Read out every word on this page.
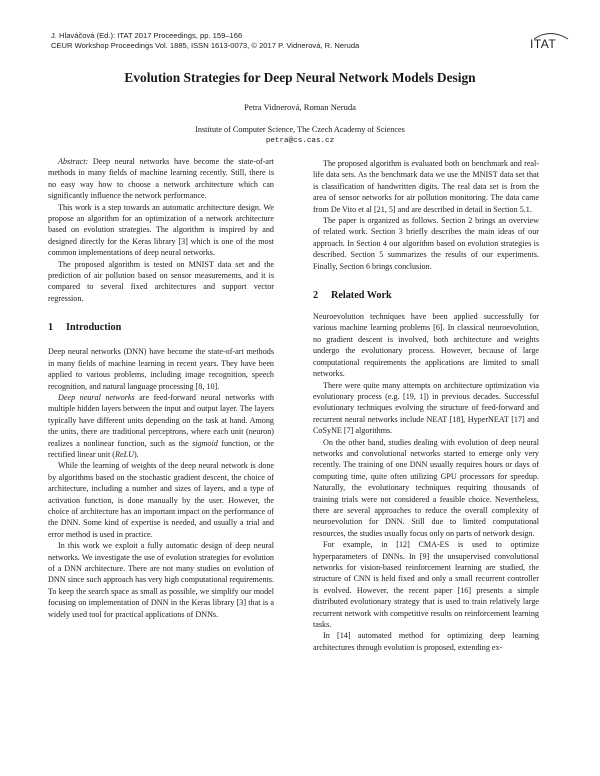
J. Hlaváčová (Ed.): ITAT 2017 Proceedings, pp. 159–166
CEUR Workshop Proceedings Vol. 1885, ISSN 1613-0073, © 2017 P. Vidnerová, R. Neruda	ITAT
Evolution Strategies for Deep Neural Network Models Design
Petra Vidnerová, Roman Neruda
Institute of Computer Science, The Czech Academy of Sciences
petra@cs.cas.cz

Abstract: Deep neural networks have become the state-of-art methods in many fields of machine learning recently. Still, there is no easy way how to choose a network architecture which can significantly influence the network performance.

This work is a step towards an automatic architecture design. We propose an algorithm for an optimization of a network architecture based on evolution strategies. The algorithm is inspired by and designed directly for the Keras library [3] which is one of the most common implementations of deep neural networks.

The proposed algorithm is tested on MNIST data set and the prediction of air pollution based on sensor measurements, and it is compared to several fixed architectures and support vector regression.

1 Introduction

Deep neural networks (DNN) have become the state-of-art methods in many fields of machine learning in recent years. They have been applied to various problems, including image recognition, speech recognition, and natural language processing [8, 10].

Deep neural networks are feed-forward neural networks with multiple hidden layers between the input and output layer. The layers typically have different units depending on the task at hand. Among the units, there are traditional perceptrons, where each unit (neuron) realizes a nonlinear function, such as the sigmoid function, or the rectified linear unit (ReLU).

While the learning of weights of the deep neural network is done by algorithms based on the stochastic gradient descent, the choice of architecture, including a number and sizes of layers, and a type of activation function, is done manually by the user. However, the choice of architecture has an important impact on the performance of the DNN. Some kind of expertise is needed, and usually a trial and error method is used in practice.

In this work we exploit a fully automatic design of deep neural networks. We investigate the use of evolution strategies for evolution of a DNN architecture. There are not many studies on evolution of DNN since such approach has very high computational requirements. To keep the search space as small as possible, we simplify our model focusing on implementation of DNN in the Keras library [3] that is a widely used tool for practical applications of DNNs.

The proposed algorithm is evaluated both on benchmark and real-life data sets. As the benchmark data we use the MNIST data set that is classification of handwritten digits. The real data set is from the area of sensor networks for air pollution monitoring. The data came from De Vito et al [21, 5] and are described in detail in Section 5.1.

The paper is organized as follows. Section 2 brings an overview of related work. Section 3 briefly describes the main ideas of our approach. In Section 4 our algorithm based on evolution strategies is described. Section 5 summarizes the results of our experiments. Finally, Section 6 brings conclusion.

2 Related Work

Neuroevolution techniques have been applied successfully for various machine learning problems [6]. In classical neuroevolution, no gradient descent is involved, both architecture and weights undergo the evolutionary process. However, because of large computational requirements the applications are limited to small networks.

There were quite many attempts on architecture optimization via evolutionary process (e.g. [19, 1]) in previous decades. Successful evolutionary techniques evolving the structure of feed-forward and recurrent neural networks include NEAT [18], HyperNEAT [17] and CoSyNE [7] algorithms.

On the other hand, studies dealing with evolution of deep neural networks and convolutional networks started to emerge only very recently. The training of one DNN usually requires hours or days of computing time, quite often utilizing GPU processors for speedup. Naturally, the evolutionary techniques requiring thousands of training trials were not considered a feasible choice. Nevertheless, there are several approaches to reduce the overall complexity of neuroevolution for DNN. Still due to limited computational resources, the studies usually focus only on parts of network design.

For example, in [12] CMA-ES is used to optimize hyperparameters of DNNs. In [9] the unsupervised convolutional networks for vision-based reinforcement learning are studied, the structure of CNN is held fixed and only a small recurrent controller is evolved. However, the recent paper [16] presents a simple distributed evolutionary strategy that is used to train relatively large recurrent network with competitive results on reinforcement learning tasks.

In [14] automated method for optimizing deep learning architectures through evolution is proposed, extending ex-
